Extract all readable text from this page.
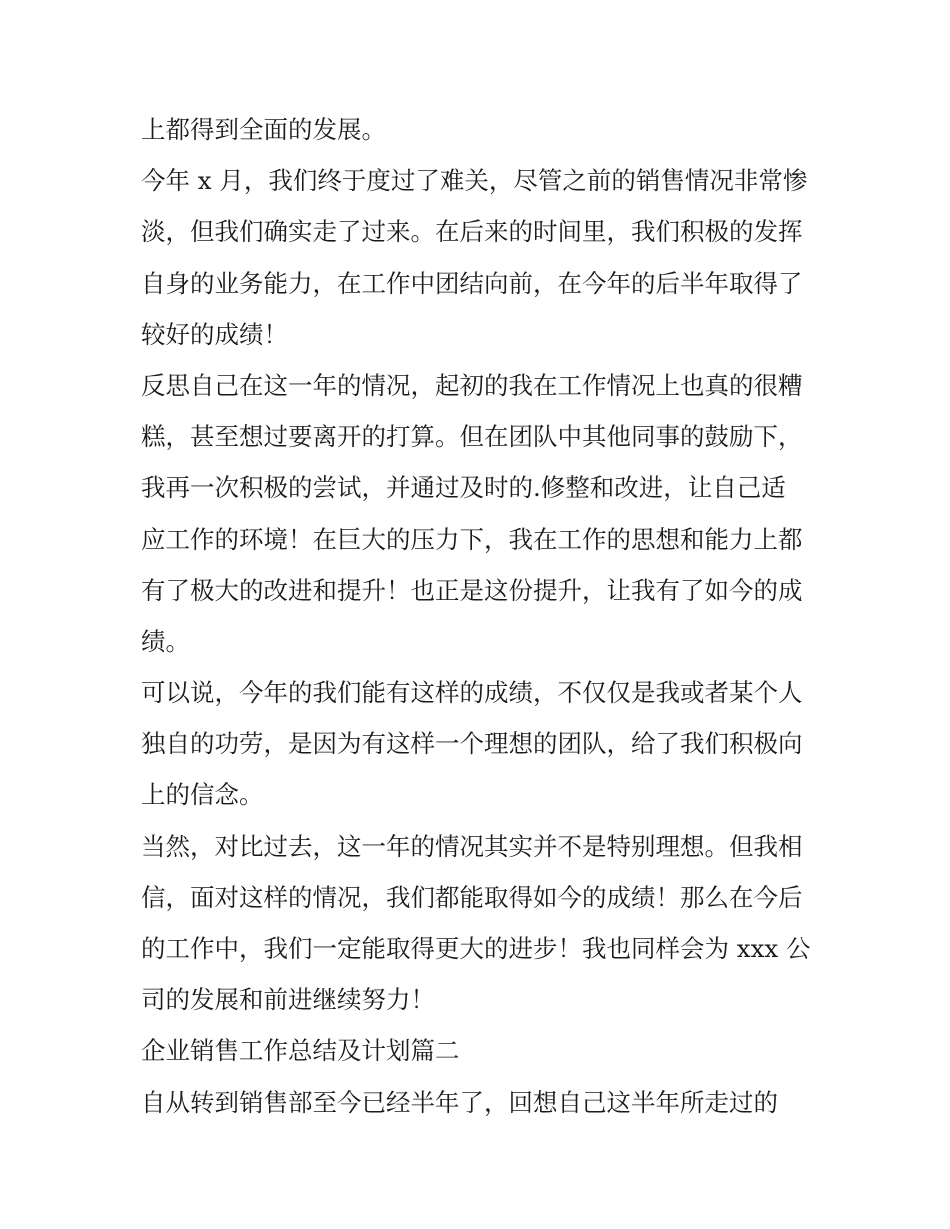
上都得到全面的发展。
今年 x 月，我们终于度过了难关，尽管之前的销售情况非常惨
淡，但我们确实走了过来。在后来的时间里，我们积极的发挥
自身的业务能力，在工作中团结向前，在今年的后半年取得了
较好的成绩！
反思自己在这一年的情况，起初的我在工作情况上也真的很糟
糕，甚至想过要离开的打算。但在团队中其他同事的鼓励下，
我再一次积极的尝试，并通过及时的.修整和改进，让自己适
应工作的环境！在巨大的压力下，我在工作的思想和能力上都
有了极大的改进和提升！也正是这份提升，让我有了如今的成
绩。
可以说，今年的我们能有这样的成绩，不仅仅是我或者某个人
独自的功劳，是因为有这样一个理想的团队，给了我们积极向
上的信念。
当然，对比过去，这一年的情况其实并不是特别理想。但我相
信，面对这样的情况，我们都能取得如今的成绩！那么在今后
的工作中，我们一定能取得更大的进步！我也同样会为 xxx 公
司的发展和前进继续努力！
企业销售工作总结及计划篇二
自从转到销售部至今已经半年了，回想自己这半年所走过的
